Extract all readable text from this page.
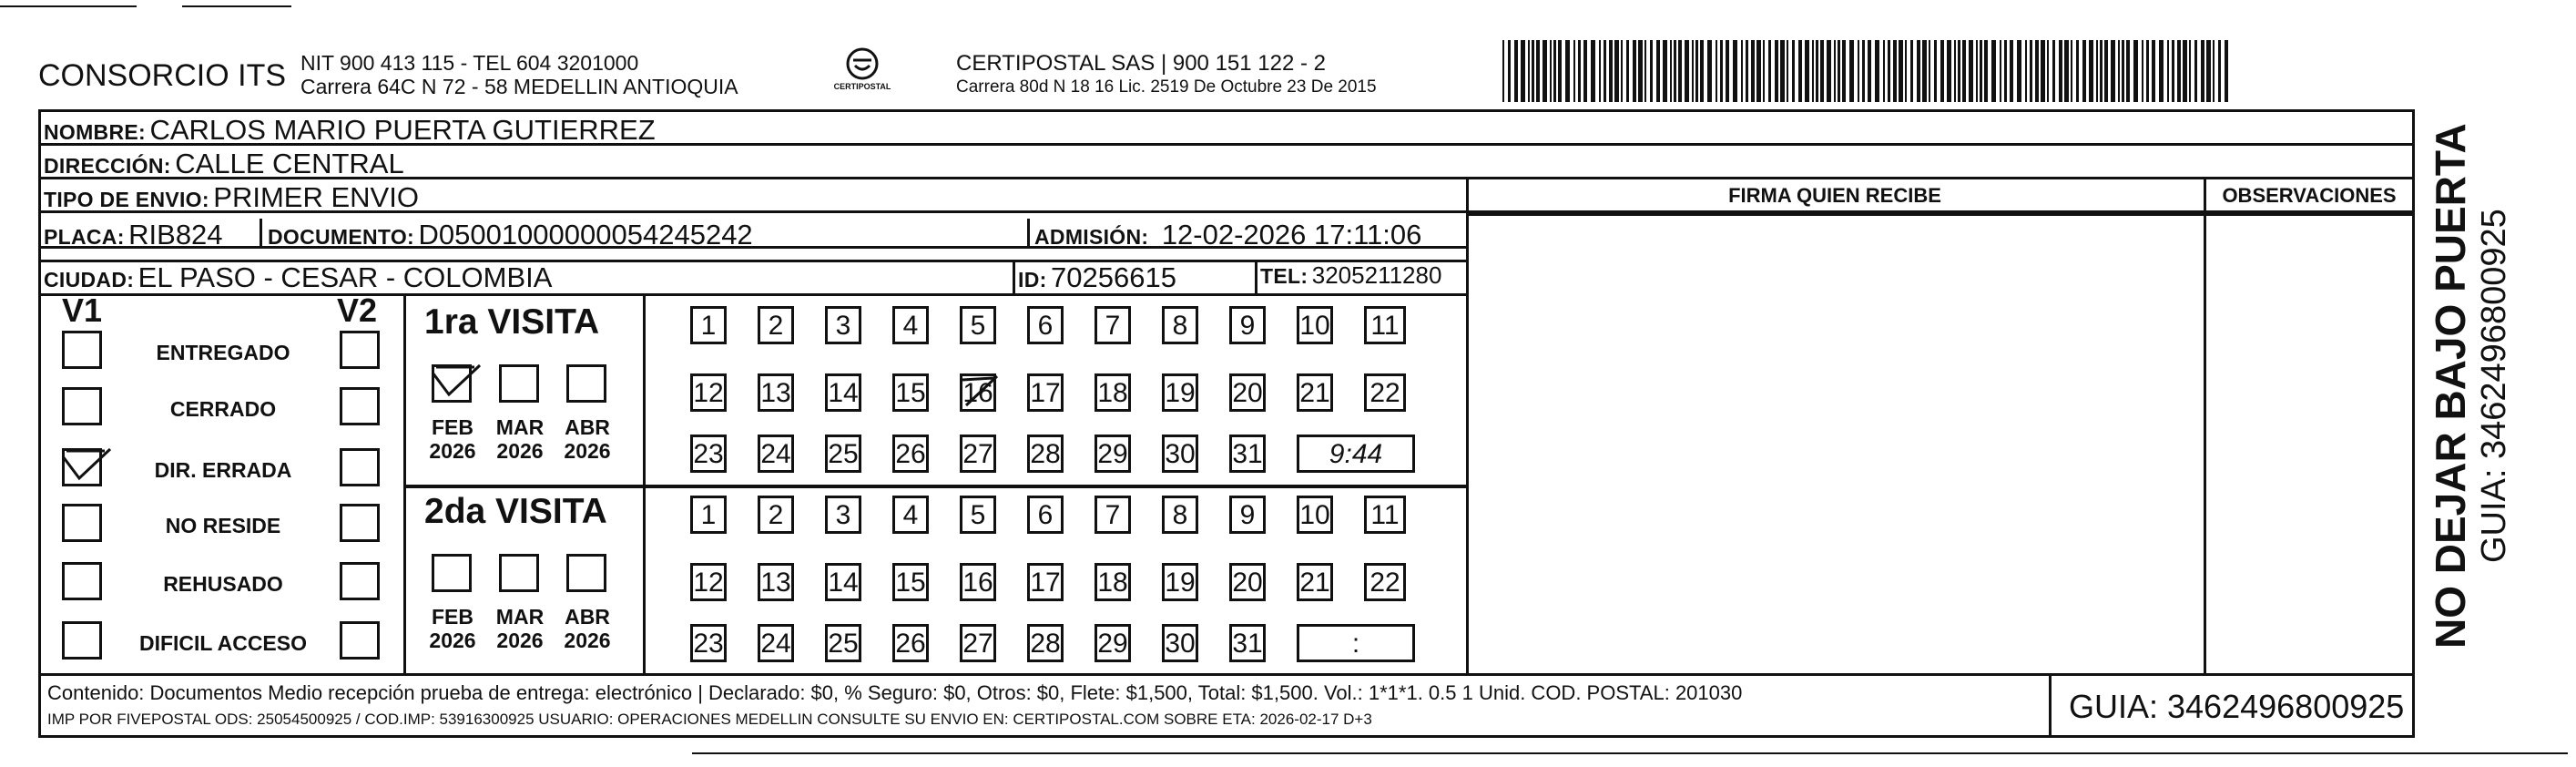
CONSORCIO ITS NIT 900 413 115 - TEL 604 3201000
Carrera 64C N 72 - 58 MEDELLIN ANTIOQUIA	CERTIPOSTAL
CERTIPOSTAL SAS | 900 151 122 - 2
Carrera 80d N 18 16 Lic. 2519 De Octubre 23 De 2015
NOMBRE: CARLOS MARIO PUERTA GUTIERREZ
DIRECCIÓN: CALLE CENTRAL
TIPO DE ENVIO: PRIMER ENVIO
PLACA: RIB824 DOCUMENTO: D05001000000054245242	ADMISIÓN: 12-02-2026 17:11:06
CIUDAD: EL PASO - CESAR - COLOMBIA	ID: 70256615	TEL: 3205211280
FIRMA QUIEN RECIBE	OBSERVACIONES
V1	V2
ENTREGADO
CERRADO
DIR. ERRADA
NO RESIDE
REHUSADO
DIFICIL ACCESO
1ra VISITA
FEB
2026
MAR
2026
ABR
2026
1	2	3	4	5	6	7	8	9	10 11
12 13 14 15 16 17 18 19 20 21 22
23 24 25 26 27 28 29 30 31	9:44
2da VISITA
FEB
2026
MAR
2026
ABR
2026
1	2	3	4	5	6	7	8	9	10 11
12 13 14 15 16 17 18 19 20 21 22
23 24 25 26 27 28 29 30 31	:
Contenido: Documentos Medio recepción prueba de entrega: electrónico | Declarado: $0, % Seguro: $0, Otros: $0, Flete: $1,500, Total: $1,500. Vol.: 1*1*1. 0.5 1 Unid. COD. POSTAL: 201030
IMP POR FIVEPOSTAL ODS: 25054500925 / COD.IMP: 53916300925 USUARIO: OPERACIONES MEDELLIN CONSULTE SU ENVIO EN: CERTIPOSTAL.COM SOBRE ETA: 2026-02-17 D+3	GUIA: 3462496800925
NO DEJAR BAJO PUERTA GUIA: 3462496800925
